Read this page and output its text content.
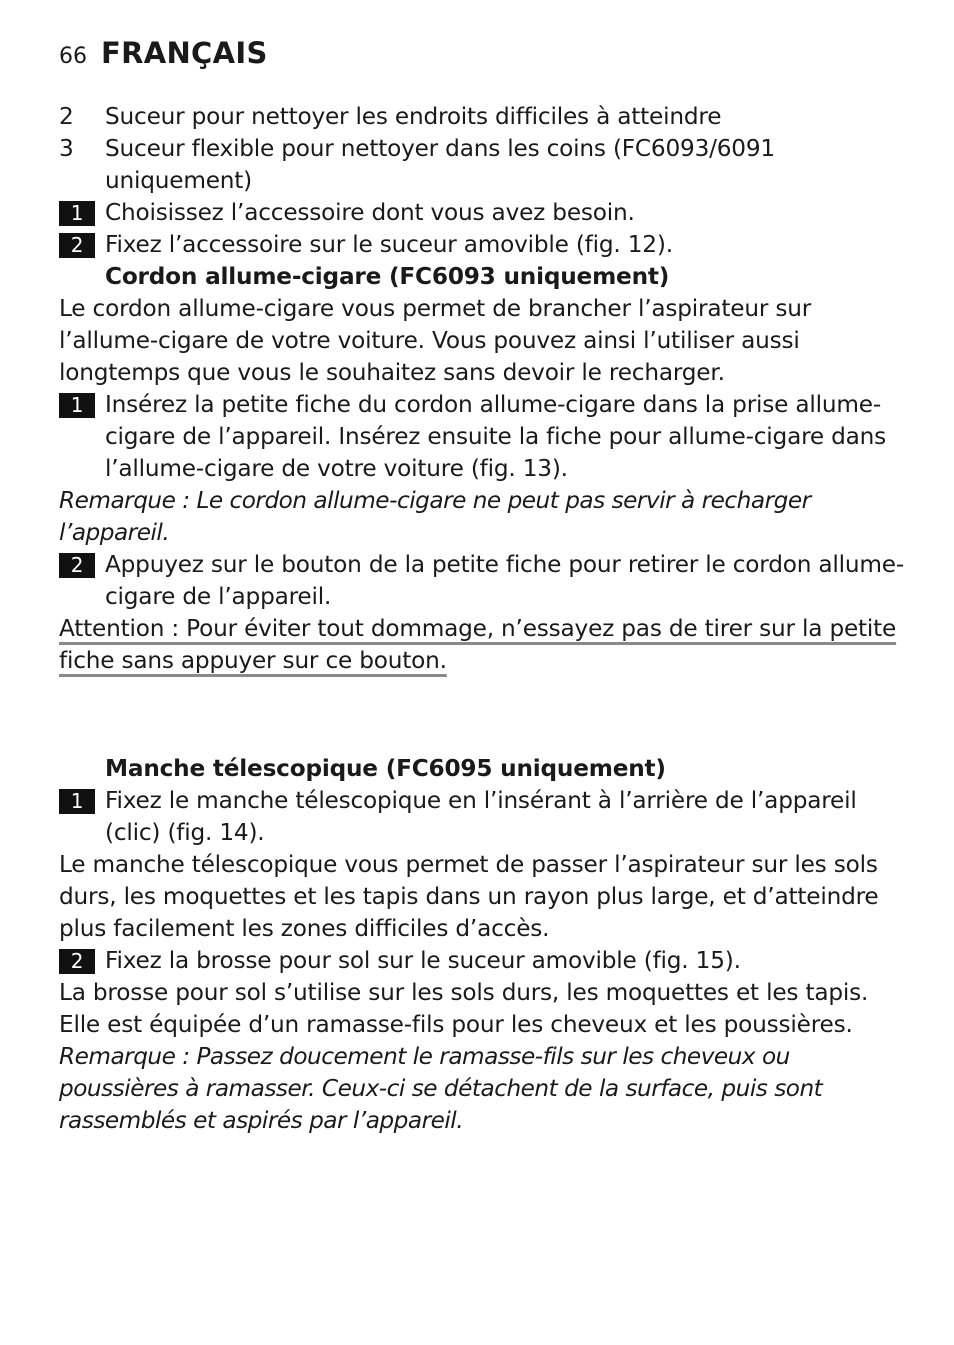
66 FRANÇAIS

2 Suceur pour nettoyer les endroits difficiles à atteindre

3 Suceur flexible pour nettoyer dans les coins (FC6093/6091 uniquement)

1 Choisissez l’accessoire dont vous avez besoin.

2 Fixez l’accessoire sur le suceur amovible (fig. 12).

Cordon allume-cigare (FC6093 uniquement)

Le cordon allume-cigare vous permet de brancher l’aspirateur sur l’allume-cigare de votre voiture. Vous pouvez ainsi l’utiliser aussi longtemps que vous le souhaitez sans devoir le recharger.

1 Insérez la petite fiche du cordon allume-cigare dans la prise allume-cigare de l’appareil. Insérez ensuite la fiche pour allume-cigare dans l’allume-cigare de votre voiture (fig. 13).

Remarque : Le cordon allume-cigare ne peut pas servir à recharger l’appareil.

2 Appuyez sur le bouton de la petite fiche pour retirer le cordon allume-cigare de l’appareil.

Attention : Pour éviter tout dommage, n’essayez pas de tirer sur la petite fiche sans appuyer sur ce bouton.

Manche télescopique (FC6095 uniquement)

1 Fixez le manche télescopique en l’insérant à l’arrière de l’appareil (clic) (fig. 14).

Le manche télescopique vous permet de passer l’aspirateur sur les sols durs, les moquettes et les tapis dans un rayon plus large, et d’atteindre plus facilement les zones difficiles d’accès.

2 Fixez la brosse pour sol sur le suceur amovible (fig. 15).

La brosse pour sol s’utilise sur les sols durs, les moquettes et les tapis. Elle est équipée d’un ramasse-fils pour les cheveux et les poussières.

Remarque : Passez doucement le ramasse-fils sur les cheveux ou poussières à ramasser. Ceux-ci se détachent de la surface, puis sont rassemblés et aspirés par l’appareil.
